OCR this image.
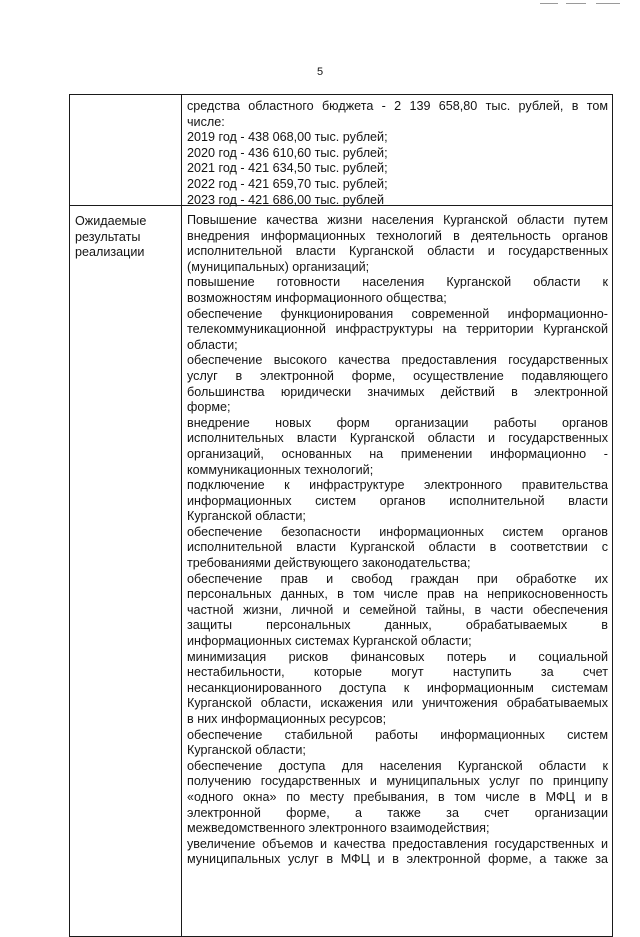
5
средства областного бюджета - 2 139 658,80 тыс. рублей, в том
числе:
2019 год - 438 068,00 тыс. рублей;
2020 год - 436 610,60 тыс. рублей;
2021 год - 421 634,50 тыс. рублей;
2022 год - 421 659,70 тыс. рублей;
2023 год - 421 686,00 тыс. рублей
Ожидаемые
результаты
реализации
Повышение качества жизни населения Курганской области путем
внедрения информационных технологий в деятельность органов
исполнительной власти Курганской области и государственных
(муниципальных) организаций;
повышение готовности населения Курганской области к
возможностям информационного общества;
обеспечение функционирования современной информационно-
телекоммуникационной инфраструктуры на территории Курганской
области;
обеспечение высокого качества предоставления государственных
услуг в электронной форме, осуществление подавляющего
большинства юридически значимых действий в электронной
форме;
внедрение новых форм организации работы органов
исполнительных власти Курганской области и государственных
организаций, основанных на применении информационно -
коммуникационных технологий;
подключение к инфраструктуре электронного правительства
информационных систем органов исполнительной власти
Курганской области;
обеспечение безопасности информационных систем органов
исполнительной власти Курганской области в соответствии с
требованиями действующего законодательства;
обеспечение прав и свобод граждан при обработке их
персональных данных, в том числе прав на неприкосновенность
частной жизни, личной и семейной тайны, в части обеспечения
защиты персональных данных, обрабатываемых в
информационных системах Курганской области;
минимизация рисков финансовых потерь и социальной
нестабильности, которые могут наступить за счет
несанкционированного доступа к информационным системам
Курганской области, искажения или уничтожения обрабатываемых
в них информационных ресурсов;
обеспечение стабильной работы информационных систем
Курганской области;
обеспечение доступа для населения Курганской области к
получению государственных и муниципальных услуг по принципу
«одного окна» по месту пребывания, в том числе в МФЦ и в
электронной форме, а также за счет организации
межведомственного электронного взаимодействия;
увеличение объемов и качества предоставления государственных и
муниципальных услуг в МФЦ и в электронной форме, а также за
